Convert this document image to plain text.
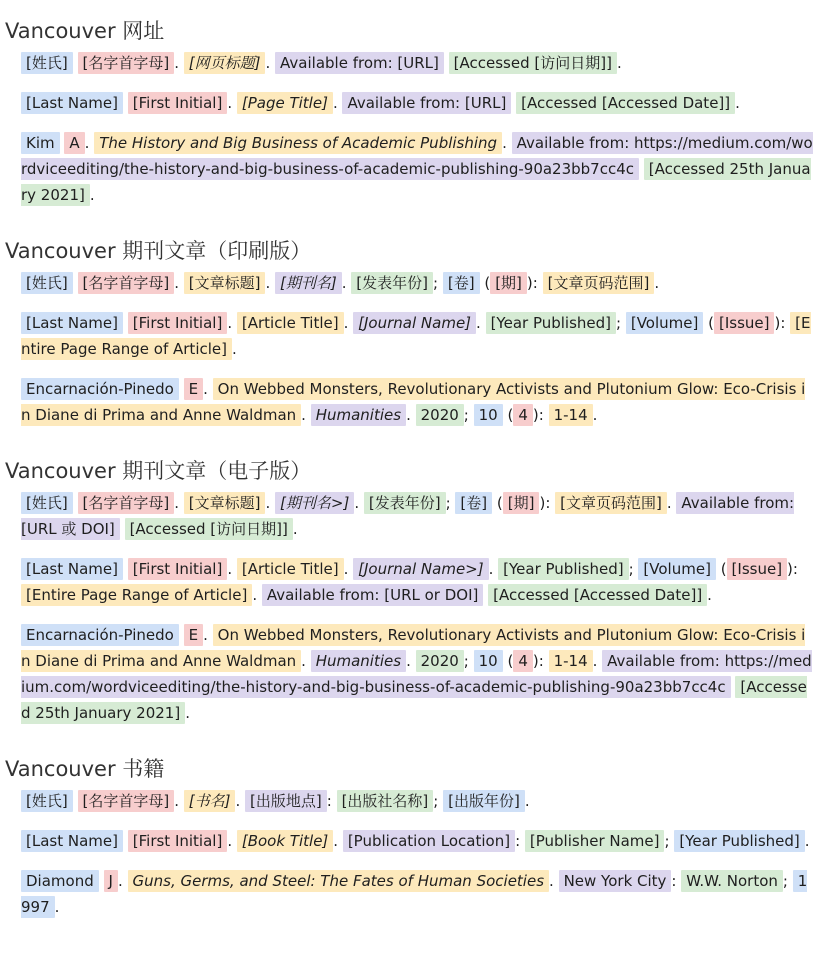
Vancouver 网址
[姓氏] [名字首字母] . [网页标题] . Available from: [URL] [Accessed [访问日期]] .
[Last Name] [First Initial] . [Page Title] . Available from: [URL] [Accessed [Accessed Date]] .
Kim A . The History and Big Business of Academic Publishing . Available from: https://medium.com/wordviceediting/the-history-and-big-business-of-academic-publishing-90a23bb7cc4c [Accessed 25th January 2021] .
Vancouver 期刊文章（印刷版）
[姓氏] [名字首字母] . [文章标题] . [期刊名] . [发表年份] ; [卷] ( [期] ): [文章页码范围] .
[Last Name] [First Initial] . [Article Title] . [Journal Name] . [Year Published] ; [Volume] ( [Issue] ): [Entire Page Range of Article] .
Encarnación-Pinedo E . On Webbed Monsters, Revolutionary Activists and Plutonium Glow: Eco-Crisis in Diane di Prima and Anne Waldman . Humanities . 2020 ; 10 ( 4 ): 1-14 .
Vancouver 期刊文章（电子版）
[姓氏] [名字首字母] . [文章标题] . [期刊名>] . [发表年份] ; [卷] ( [期] ): [文章页码范围] . Available from: [URL 或 DOI] [Accessed [访问日期]] .
[Last Name] [First Initial] . [Article Title] . [Journal Name>] . [Year Published] ; [Volume] ( [Issue] ): [Entire Page Range of Article] . Available from: [URL or DOI] [Accessed [Accessed Date]] .
Encarnación-Pinedo E . On Webbed Monsters, Revolutionary Activists and Plutonium Glow: Eco-Crisis in Diane di Prima and Anne Waldman . Humanities . 2020 ; 10 ( 4 ): 1-14 . Available from: https://medium.com/wordviceediting/the-history-and-big-business-of-academic-publishing-90a23bb7cc4c [Accessed 25th January 2021] .
Vancouver 书籍
[姓氏] [名字首字母] . [书名] . [出版地点] : [出版社名称] ; [出版年份] .
[Last Name] [First Initial] . [Book Title] . [Publication Location] : [Publisher Name] ; [Year Published] .
Diamond J . Guns, Germs, and Steel: The Fates of Human Societies . New York City : W.W. Norton ; 1997 .
